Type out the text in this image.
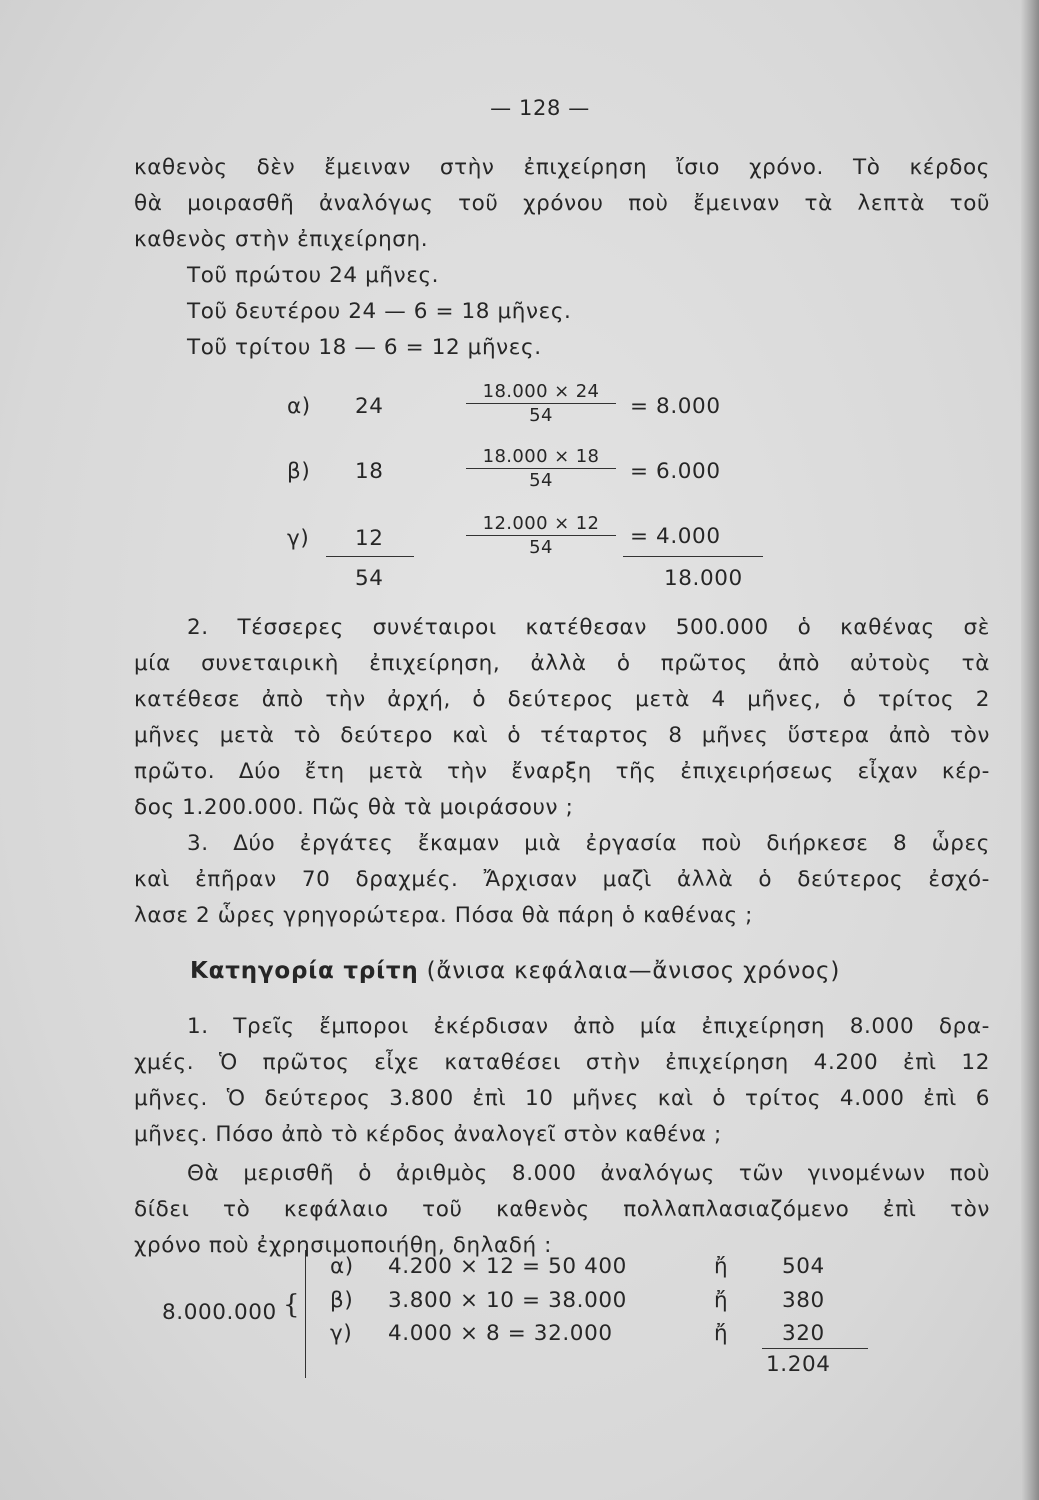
— 128 —
καθενὸς δὲν ἔμειναν στὴν ἐπιχείρηση ἴσιο χρόνο. Τὸ κέρδος
θὰ μοιρασθῆ ἀναλόγως τοῦ χρόνου ποὺ ἔμειναν τὰ λεπτὰ τοῦ
καθενὸς στὴν ἐπιχείρηση.
Τοῦ πρώτου 24 μῆνες.
Τοῦ δευτέρου 24 — 6 = 18 μῆνες.
Τοῦ τρίτου 18 — 6 = 12 μῆνες.
α) 24	$\frac{18.000 \times 24}{54} = 8.000$
β) 18	$\frac{18.000 \times 18}{54} = 6.000$
γ) 12	$\frac{12.000 \times 12}{54} = 4.000$
54	18.000
2. Τέσσερες συνέταιροι κατέθεσαν 500.000 ὁ καθένας σὲ
μία συνεταιρικὴ ἐπιχείρηση, ἀλλὰ ὁ πρῶτος ἀπὸ αὐτοὺς τὰ
κατέθεσε ἀπὸ τὴν ἀρχή, ὁ δεύτερος μετὰ 4 μῆνες, ὁ τρίτος 2
μῆνες μετὰ τὸ δεύτερο καὶ ὁ τέταρτος 8 μῆνες ὕστερα ἀπὸ τὸν
πρῶτο. Δύο ἔτη μετὰ τὴν ἔναρξη τῆς ἐπιχειρήσεως εἶχαν κέρ-
δος 1.200.000. Πῶς θὰ τὰ μοιράσουν ;
3. Δύο ἐργάτες ἔκαμαν μιὰ ἐργασία ποὺ διήρκεσε 8 ὧρες
καὶ ἐπῆραν 70 δραχμές. Ἄρχισαν μαζὶ ἀλλὰ ὁ δεύτερος ἐσχό-
λασε 2 ὧρες γρηγορώτερα. Πόσα θὰ πάρη ὁ καθένας ;
Κατηγορία τρίτη (ἄνισα κεφάλαια—ἄνισος χρόνος)
1. Τρεῖς ἔμποροι ἐκέρδισαν ἀπὸ μία ἐπιχείρηση 8.000 δρα-
χμές. Ὁ πρῶτος εἶχε καταθέσει στὴν ἐπιχείρηση 4.200 ἐπὶ 12
μῆνες. Ὁ δεύτερος 3.800 ἐπὶ 10 μῆνες καὶ ὁ τρίτος 4.000 ἐπὶ 6
μῆνες. Πόσο ἀπὸ τὸ κέρδος ἀναλογεῖ στὸν καθένα ;
Θὰ μερισθῆ ὁ ἀριθμὸς 8.000 ἀναλόγως τῶν γινομένων ποὺ
δίδει τὸ κεφάλαιο τοῦ καθενὸς πολλαπλασιαζόμενο ἐπὶ τὸν
χρόνο ποὺ ἐχρησιμοποιήθη, δηλαδή :
8.000.000 {
α) 4.200 × 12 = 50 400	ἤ	504
β) 3.800 × 10 = 38.000	ἤ	380
γ) 4.000 × 8 = 32.000	ἤ	320
1.204
